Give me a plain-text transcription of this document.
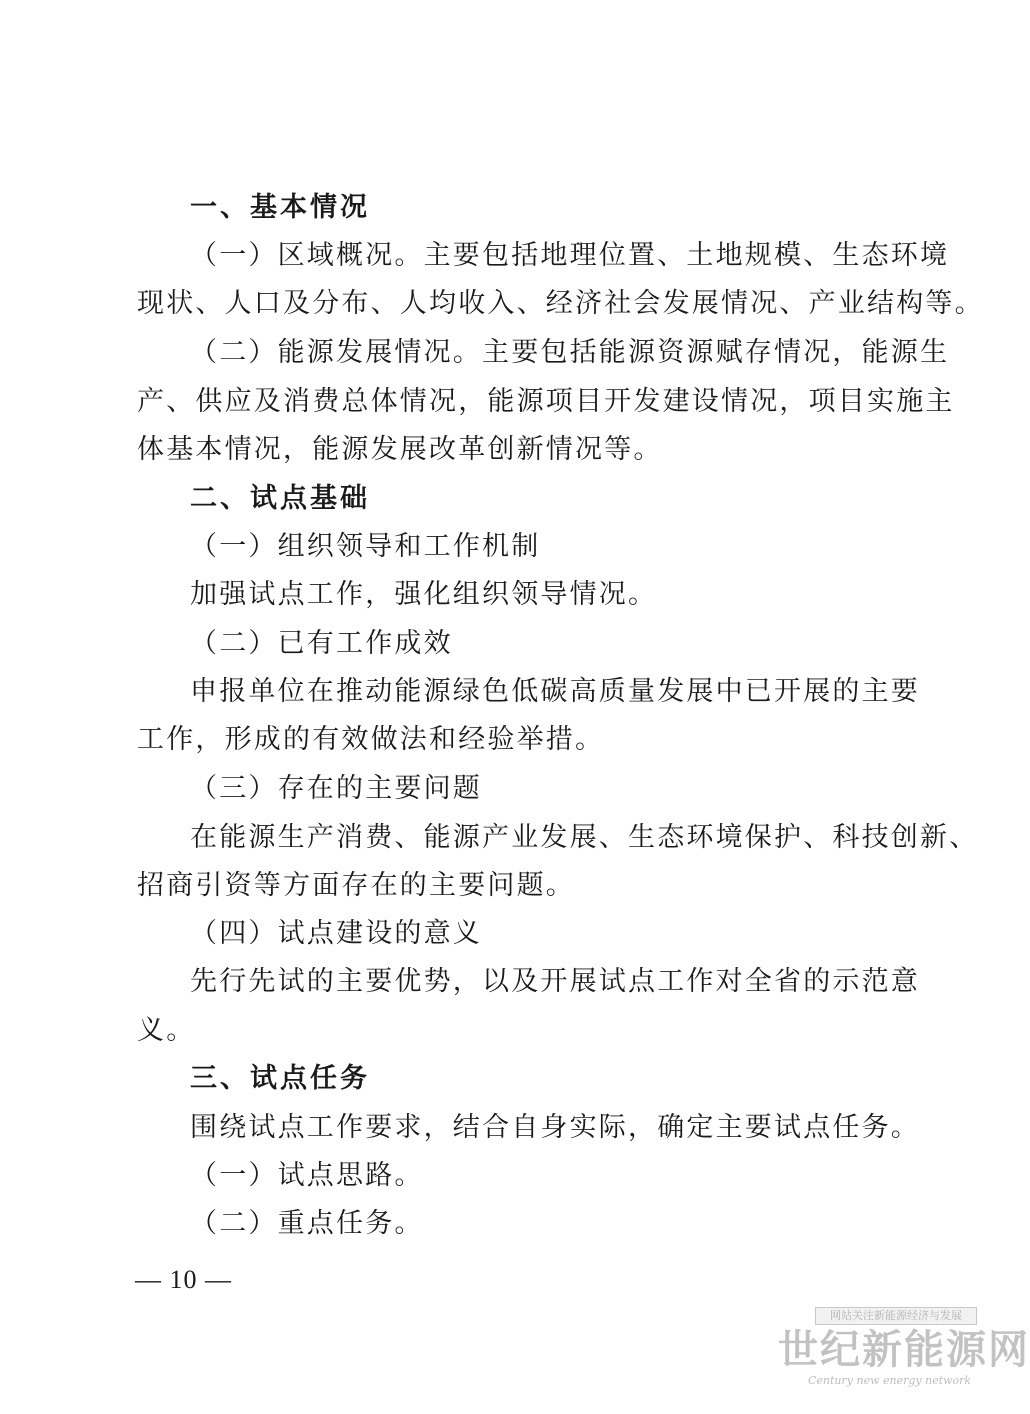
一、基本情况

（一）区域概况。主要包括地理位置、土地规模、生态环境

现状、人口及分布、人均收入、经济社会发展情况、产业结构等。

（二）能源发展情况。主要包括能源资源赋存情况，能源生

产、供应及消费总体情况，能源项目开发建设情况，项目实施主

体基本情况，能源发展改革创新情况等。

二、试点基础

（一）组织领导和工作机制

加强试点工作，强化组织领导情况。

（二）已有工作成效

申报单位在推动能源绿色低碳高质量发展中已开展的主要

工作，形成的有效做法和经验举措。

（三）存在的主要问题

在能源生产消费、能源产业发展、生态环境保护、科技创新、

招商引资等方面存在的主要问题。

（四）试点建设的意义

先行先试的主要优势，以及开展试点工作对全省的示范意

义。

三、试点任务

围绕试点工作要求，结合自身实际，确定主要试点任务。

（一）试点思路。

（二）重点任务。

— 10 —
网站关注新能源经济与发展
世纪新能源网
Century new energy network
